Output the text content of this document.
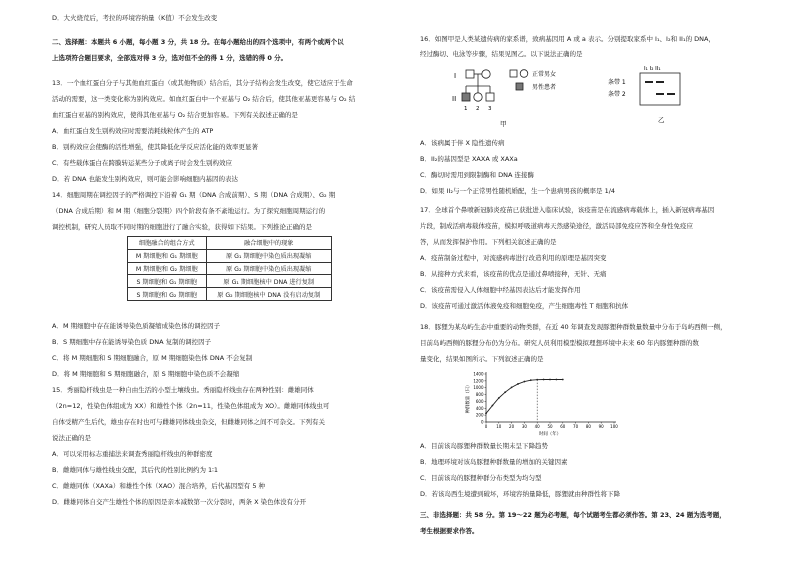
D．大火烧荒后，考拉的环境容纳量（K值）不会发生改变
二、选择题：本题共 6 小题，每小题 3 分，共 18 分。在每小题给出的四个选项中，有两个或两个以
上选项符合题目要求，全部选对得 3 分，选对但不全的得 1 分，选错的得 0 分。
13．一个血红蛋白分子与其他血红蛋白（或其他物质）结合后，其分子结构会发生改变，使它适应于生命
活动的需要，这一类变化称为别构效应。如血红蛋白中一个亚基与 O₂ 结合后，使其他亚基更容易与 O₂ 结
血红蛋白亚基的别构效应，使得其他亚基与 O₂ 结合更加容易。下列有关叙述正确的是
A．血红蛋白发生别构效应时需要消耗线粒体产生的 ATP
B．别构效应会使酶的活性增强，使其降低化学反应活化能的效率更显著
C．有些载体蛋白在跨膜转运某些分子或离子时会发生别构效应
D．若 DNA 也能发生别构效应，则可能会影响细胞内基因的表达
14．细胞周期在调控因子的严格调控下沿着 G₁ 期（DNA 合成前期）、S 期（DNA 合成期）、G₂ 期
（DNA 合成后期）和 M 期（细胞分裂期）四个阶段有条不紊地运行。为了探究细胞周期运行的
调控机制，研究人员取不同时期的细胞进行了融合实验，获得如下结果。下列推论正确的是
细胞融合的组合方式	融合细胞中的现象
M 期细胞和 G₁ 期细胞	原 G₁ 期细胞中染色质出现凝缩
M 期细胞和 G₂ 期细胞	原 G₂ 期细胞中染色质出现凝缩
S 期细胞和 G₁ 期细胞	原 G₁ 期细胞核中 DNA 进行复制
S 期细胞和 G₂ 期细胞	原 G₂ 期细胞核中 DNA 没有启动复制
A．M 期细胞中存在能诱导染色质凝缩成染色体的调控因子
B．S 期细胞中存在能诱导染色质 DNA 复制的调控因子
C．将 M 期细胞和 S 期细胞融合，原 M 期细胞染色体 DNA 不会复制
D．将 M 期细胞和 S 期细胞融合，原 S 期细胞中染色质不会凝缩
15．秀丽隐杆线虫是一种自由生活的小型土壤线虫。秀丽隐杆线虫存在两种性别：雌雄同体
（2n=12，性染色体组成为 XX）和雄性个体（2n=11，性染色体组成为 XO）。雌雄同体线虫可
自体受精产生后代，雄虫存在时也可与雌雄同体线虫杂交，但雌雄同体之间不可杂交。下列有关
说法正确的是
A．可以采用标志重捕法来调查秀丽隐杆线虫的种群密度
B．雌雄同体与雄性线虫交配，其后代的性别比例约为 1∶1
C．雌雄同体（XAXa）和雄性个体（XAO）混合培养，后代基因型有 5 种
D．雌雄同体自交产生雄性个体的原因是亲本减数第一次分裂时，两条 X 染色体没有分开
16．如图甲是人类某遗传病的家系谱，致病基因用 A 或 a 表示。分别提取家系中 I₁、I₂和 II₁的 DNA，
经过酶切、电泳等步骤，结果见图乙。以下说法正确的是
I
II
1 2 3
正常男女
男性患者
甲
I₁ I₂ II₁
条带 1
条带 2
乙
A．该病属于伴 X 隐性遗传病
B．II₂的基因型是 XAXA 或 XAXa
C．酶切时需用到限制酶和 DNA 连接酶
D．如果 II₂与一个正常男性随机婚配，生一个患病男孩的概率是 1/4
17．全球首个鼻喷新冠肺炎疫苗已获批进入临床试验，该疫苗是在流感病毒载体上，插入新冠病毒基因
片段，制成活病毒载体疫苗，模拟呼吸道病毒天然感染途径，激活局部免疫应答和全身性免疫应
答，从而发挥保护作用。下列相关叙述正确的是
A．疫苗制备过程中，对流感病毒进行改造利用的原理是基因突变
B．从接种方式来看，该疫苗的优点是通过鼻喷接种，无针、无痛
C．该疫苗需侵入人体细胞中经基因表达后才能发挥作用
D．该疫苗可通过激活体液免疫和细胞免疫，产生细胞毒性 T 细胞和抗体
18．豚狸为某岛屿生态中重要的动物类群，在近 40 年调查发现豚狸种群数量数量中分布于岛屿西侧一侧，
目前岛屿西侧的豚狸分布仍为分布。研究人员利用模型模拟理想环境中未来 60 年内豚狸种群的数
量变化，结果如图所示。下列叙述正确的是
0
200
400
600
800
1000
1200
1400
0 10 20 30 40 50 60 70 80 90 100
种群数量（只）
时间（年）
A．目前该岛豚狸种群数量长期未呈下降趋势
B．地理环境对该岛豚狸种群数量的增加的关键因素
C．目前该岛的豚狸种群分布类型为均匀型
D．若该岛西生境遭到破坏，环境容纳量降低，豚狸就由种群性将下降
三、非选择题：共 58 分。第 19～22 题为必考题，每个试题考生都必须作答。第 23、24 题为选考题，
考生根据要求作答。
